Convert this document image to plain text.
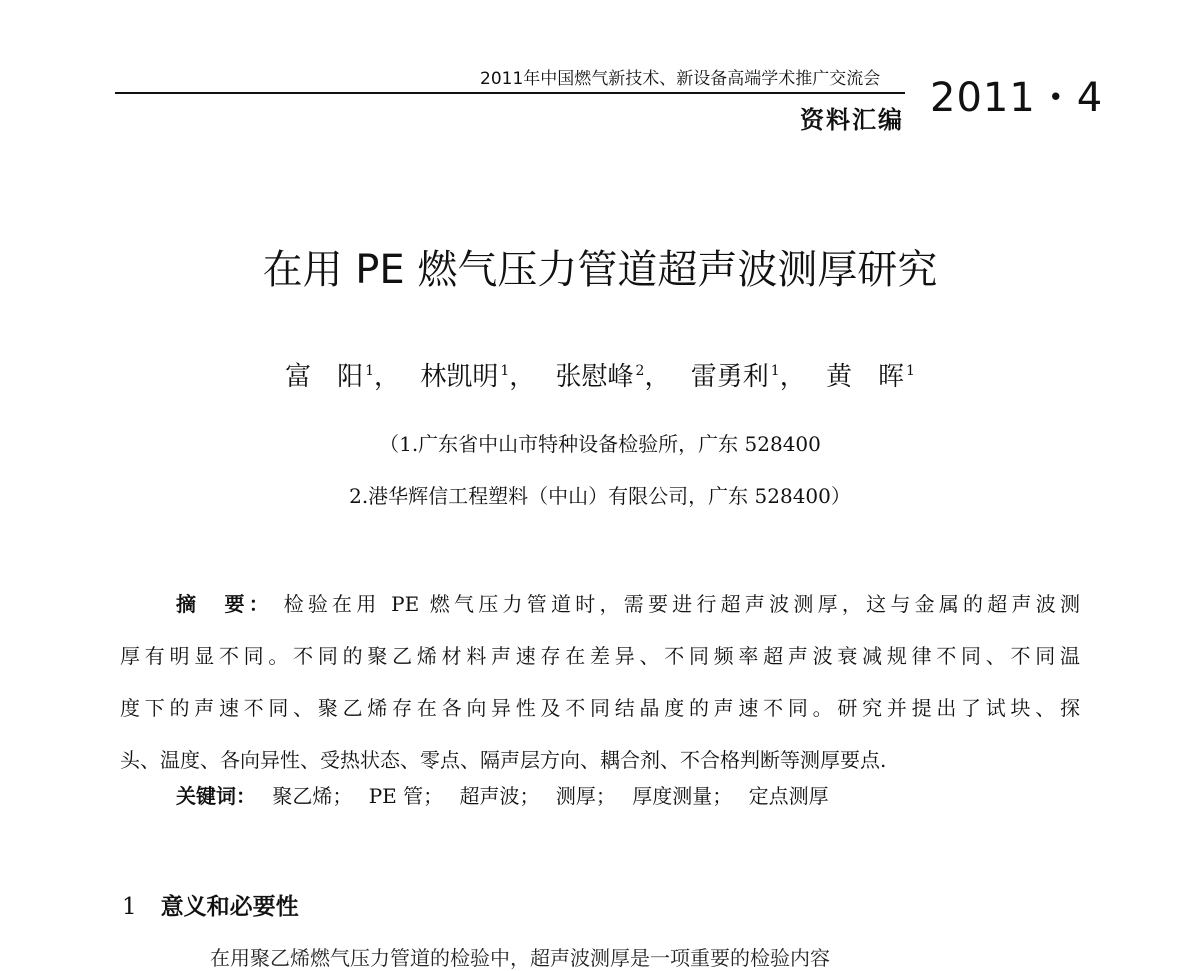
2011年中国燃气新技术、新设备高端学术推广交流会
资料汇编 2011・4
在用 PE 燃气压力管道超声波测厚研究
富　阳 $^1$， 林凯明 $^1$， 张慰峰 $^2$， 雷勇利 $^1$， 黄　晖 $^1$
（1.广东省中山市特种设备检验所，广东 528400
2.港华辉信工程塑料（中山）有限公司，广东 528400）
摘　要： 检验在用 PE 燃气压力管道时，需要进行超声波测厚，这与金属的超声波测
厚有明显不同。不同的聚乙烯材料声速存在差异、不同频率超声波衰减规律不同、不同温
度下的声速不同、聚乙烯存在各向异性及不同结晶度的声速不同。研究并提出了试块、探
头、温度、各向异性、受热状态、零点、隔声层方向、耦合剂、不合格判断等测厚要点.
关键词： 聚乙烯； PE 管； 超声波； 测厚； 厚度测量； 定点测厚
1 意义和必要性
　　在用聚乙烯燃气压力管道的检验中，超声波测厚是一项重要的检验内容
